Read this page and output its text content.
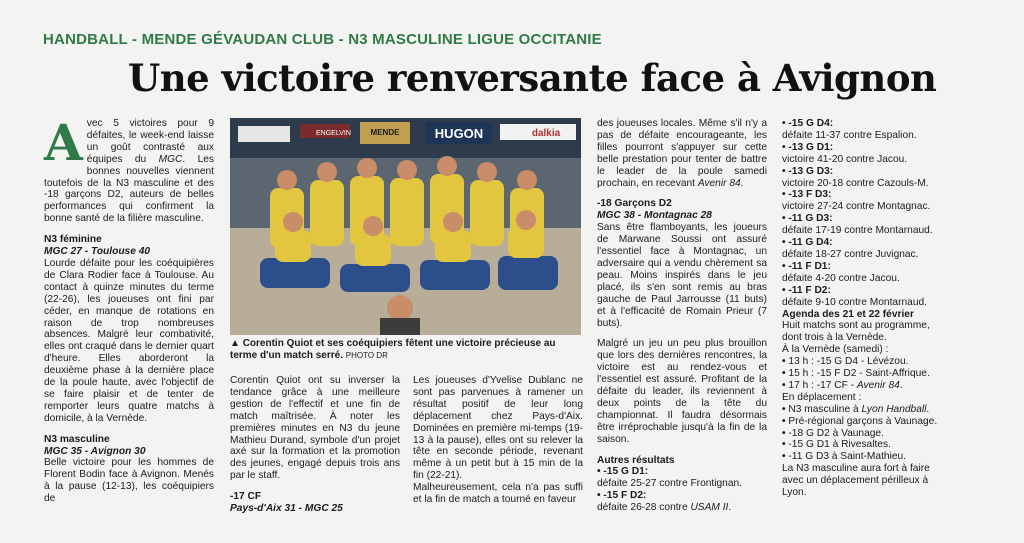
HANDBALL - MENDE GÉVAUDAN CLUB - N3 MASCULINE LIGUE OCCITANIE
Une victoire renversante face à Avignon

Avec 5 victoires pour 9 défaites, le week-end laisse un goût contrasté aux équipes du MGC. Les bonnes nouvelles viennent toutefois de la N3 masculine et des -18 garçons D2, auteurs de belles performances qui confirment la bonne santé de la filière masculine.

N3 féminine

MGC 27 - Toulouse 40

Lourde défaite pour les coéquipières de Clara Rodier face à Toulouse. Au contact à quinze minutes du terme (22-26), les joueuses ont fini par céder, en manque de rotations en raison de trop nombreuses absences. Malgré leur combativité, elles ont craqué dans le dernier quart d'heure. Elles aborderont la deuxième phase à la dernière place de la poule haute, avec l'objectif de se faire plaisir et de tenter de remporter leurs quatre matchs à domicile, à la Vernède.

N3 masculine

MGC 35 - Avignon 30

Belle victoire pour les hommes de Florent Bodin face à Avignon. Menés à la pause (12-13), les coéquipiers de

HUGON	dalkia
ENGELVIN MENDE
▲ Corentin Quiot et ses coéquipiers fêtent une victoire précieuse au terme d'un match serré. PHOTO DR

Corentin Quiot ont su inverser la tendance grâce à une meilleure gestion de l'effectif et une fin de match maîtrisée. À noter les premières minutes en N3 du jeune Mathieu Durand, symbole d'un projet axé sur la formation et la promotion des jeunes, engagé depuis trois ans par le staff.

-17 CF

Pays-d'Aix 31 - MGC 25

Les joueuses d'Yvelise Dublanc ne sont pas parvenues à ramener un résultat positif de leur long déplacement chez Pays-d'Aix. Dominées en première mi-temps (19-13 à la pause), elles ont su relever la tête en seconde période, revenant même à un petit but à 15 min de la fin (22-21).

Malheureusement, cela n'a pas suffi et la fin de match a tourné en faveur

des joueuses locales. Même s'il n'y a pas de défaite encourageante, les filles pourront s'appuyer sur cette belle prestation pour tenter de battre le leader de la poule samedi prochain, en recevant Avenir 84.

-18 Garçons D2

MGC 38 - Montagnac 28

Sans être flamboyants, les joueurs de Marwane Soussi ont assuré l'essentiel face à Montagnac, un adversaire qui a vendu chèrement sa peau. Moins inspirés dans le jeu placé, ils s'en sont remis au bras gauche de Paul Jarrousse (11 buts) et à l'efficacité de Romain Prieur (7 buts).

Malgré un jeu un peu plus brouillon que lors des dernières rencontres, la victoire est au rendez-vous et l'essentiel est assuré. Profitant de la défaite du leader, ils reviennent à deux points de la tête du championnat. Il faudra désormais être irréprochable jusqu'à la fin de la saison.

Autres résultats

• -15 G D1:

défaite 25-27 contre Frontignan.

• -15 F D2:

défaite 26-28 contre USAM II.

• -15 G D4:

défaite 11-37 contre Espalion.

• -13 G D1:

victoire 41-20 contre Jacou.

• -13 G D3:

victoire 20-18 contre Cazouls-M.

• -13 F D3:

victoire 27-24 contre Montagnac.

• -11 G D3:

défaite 17-19 contre Montarnaud.

• -11 G D4:

défaite 18-27 contre Juvignac.

• -11 F D1:

défaite 4-20 contre Jacou.

• -11 F D2:

défaite 9-10 contre Montarnaud.

Agenda des 21 et 22 février

Huit matchs sont au programme, dont trois à la Vernède.

À la Vernède (samedi) :

• 13 h : -15 G D4 - Lévézou.

• 15 h : -15 F D2 - Saint-Affrique.

• 17 h : -17 CF - Avenir 84.

En déplacement :

• N3 masculine à Lyon Handball.

• Pré-régional garçons à Vaunage.

• -18 G D2 à Vaunage.

• -15 G D1 à Rivesaltes.

• -11 G D3 à Saint-Mathieu.

La N3 masculine aura fort à faire avec un déplacement périlleux à Lyon.
